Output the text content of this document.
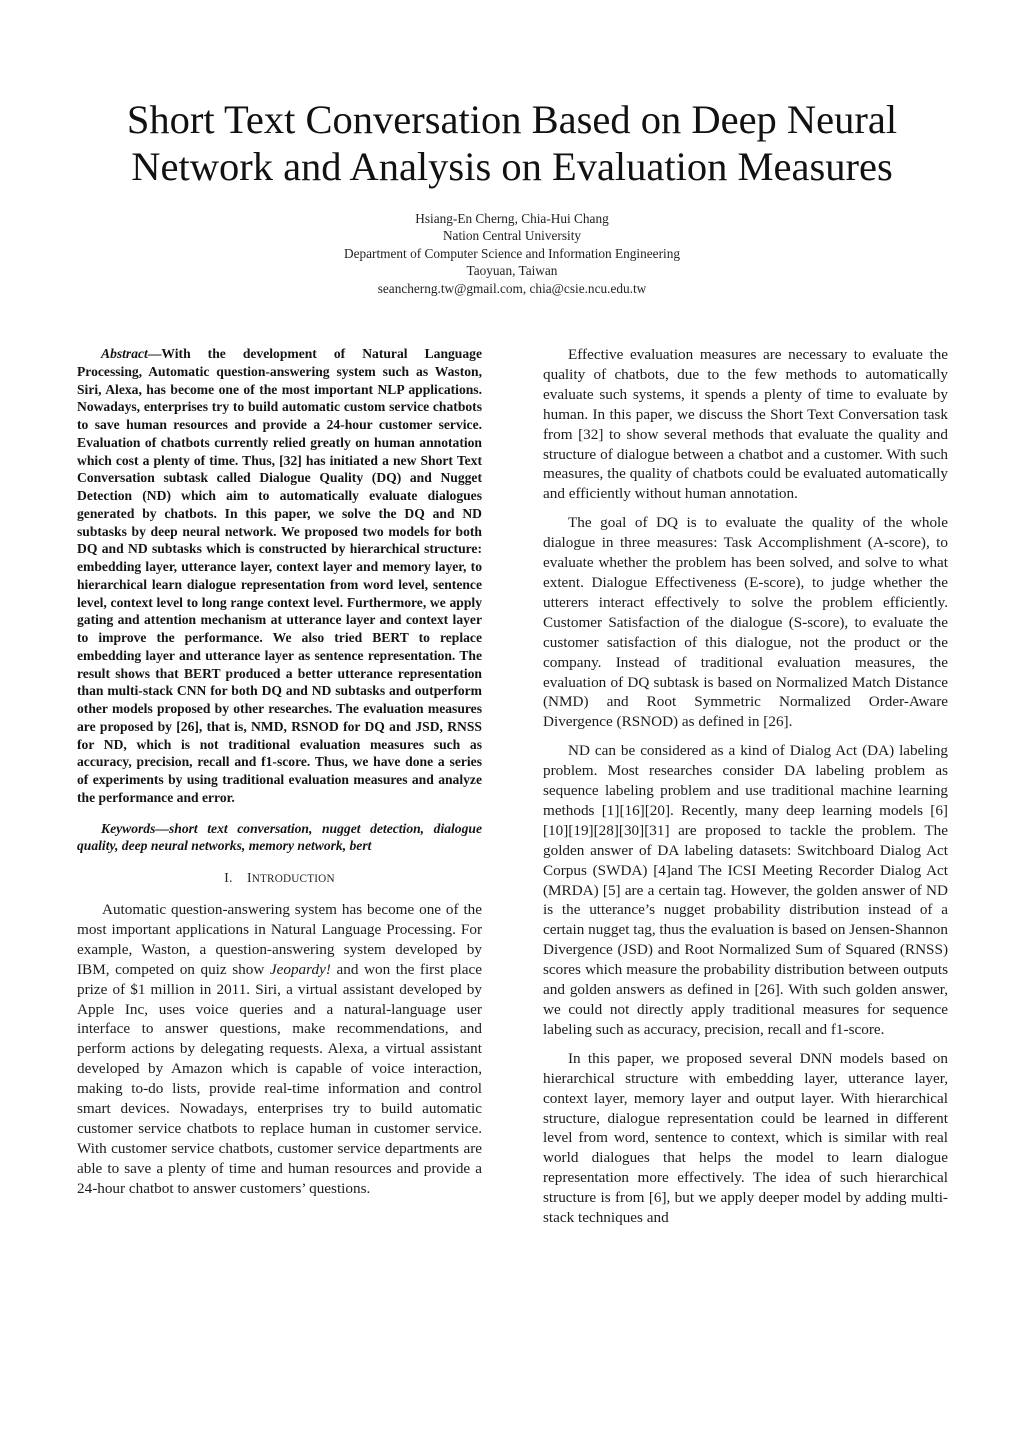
Short Text Conversation Based on Deep Neural
Network and Analysis on Evaluation Measures
Hsiang-En Cherng, Chia-Hui Chang
Nation Central University
Department of Computer Science and Information Engineering
Taoyuan, Taiwan
seancherng.tw@gmail.com, chia@csie.ncu.edu.tw

Abstract—With the development of Natural Language Processing, Automatic question-answering system such as Waston, Siri, Alexa, has become one of the most important NLP applications. Nowadays, enterprises try to build automatic custom service chatbots to save human resources and provide a 24-hour customer service. Evaluation of chatbots currently relied greatly on human annotation which cost a plenty of time. Thus, [32] has initiated a new Short Text Conversation subtask called Dialogue Quality (DQ) and Nugget Detection (ND) which aim to automatically evaluate dialogues generated by chatbots. In this paper, we solve the DQ and ND subtasks by deep neural network. We proposed two models for both DQ and ND subtasks which is constructed by hierarchical structure: embedding layer, utterance layer, context layer and memory layer, to hierarchical learn dialogue representation from word level, sentence level, context level to long range context level. Furthermore, we apply gating and attention mechanism at utterance layer and context layer to improve the performance. We also tried BERT to replace embedding layer and utterance layer as sentence representation. The result shows that BERT produced a better utterance representation than multi-stack CNN for both DQ and ND subtasks and outperform other models proposed by other researches. The evaluation measures are proposed by [26], that is, NMD, RSNOD for DQ and JSD, RNSS for ND, which is not traditional evaluation measures such as accuracy, precision, recall and f1-score. Thus, we have done a series of experiments by using traditional evaluation measures and analyze the performance and error.

Keywords—short text conversation, nugget detection, dialogue quality, deep neural networks, memory network, bert

I. INTRODUCTION

Automatic question-answering system has become one of the most important applications in Natural Language Processing. For example, Waston, a question-answering system developed by IBM, competed on quiz show Jeopardy! and won the first place prize of $1 million in 2011. Siri, a virtual assistant developed by Apple Inc, uses voice queries and a natural-language user interface to answer questions, make recommendations, and perform actions by delegating requests. Alexa, a virtual assistant developed by Amazon which is capable of voice interaction, making to-do lists, provide real-time information and control smart devices. Nowadays, enterprises try to build automatic customer service chatbots to replace human in customer service. With customer service chatbots, customer service departments are able to save a plenty of time and human resources and provide a 24-hour chatbot to answer customers’ questions.

Effective evaluation measures are necessary to evaluate the quality of chatbots, due to the few methods to automatically evaluate such systems, it spends a plenty of time to evaluate by human. In this paper, we discuss the Short Text Conversation task from [32] to show several methods that evaluate the quality and structure of dialogue between a chatbot and a customer. With such measures, the quality of chatbots could be evaluated automatically and efficiently without human annotation.

The goal of DQ is to evaluate the quality of the whole dialogue in three measures: Task Accomplishment (A-score), to evaluate whether the problem has been solved, and solve to what extent. Dialogue Effectiveness (E-score), to judge whether the utterers interact effectively to solve the problem efficiently. Customer Satisfaction of the dialogue (S-score), to evaluate the customer satisfaction of this dialogue, not the product or the company. Instead of traditional evaluation measures, the evaluation of DQ subtask is based on Normalized Match Distance (NMD) and Root Symmetric Normalized Order-Aware Divergence (RSNOD) as defined in [26].

ND can be considered as a kind of Dialog Act (DA) labeling problem. Most researches consider DA labeling problem as sequence labeling problem and use traditional machine learning methods [1][16][20]. Recently, many deep learning models [6][10][19][28][30][31] are proposed to tackle the problem. The golden answer of DA labeling datasets: Switchboard Dialog Act Corpus (SWDA) [4]and The ICSI Meeting Recorder Dialog Act (MRDA) [5] are a certain tag. However, the golden answer of ND is the utterance’s nugget probability distribution instead of a certain nugget tag, thus the evaluation is based on Jensen-Shannon Divergence (JSD) and Root Normalized Sum of Squared (RNSS) scores which measure the probability distribution between outputs and golden answers as defined in [26]. With such golden answer, we could not directly apply traditional measures for sequence labeling such as accuracy, precision, recall and f1-score.

In this paper, we proposed several DNN models based on hierarchical structure with embedding layer, utterance layer, context layer, memory layer and output layer. With hierarchical structure, dialogue representation could be learned in different level from word, sentence to context, which is similar with real world dialogues that helps the model to learn dialogue representation more effectively. The idea of such hierarchical structure is from [6], but we apply deeper model by adding multi-stack techniques and
